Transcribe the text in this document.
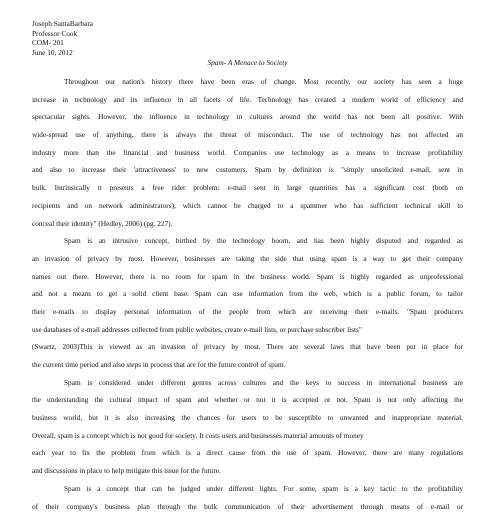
Joseph SantaBarbara
Professor Cook
COM- 201
June 10, 2012
Spam- A Menace to Society
Throughout our nation's history there have been eras of change. Most recently, our society has seen a huge
increase in technology and its influence in all facets of life. Technology has created a modern world of efficiency and
spectacular sights. However, the influence in technology in cultures around the world has not been all positive. With
wide-spread use of anything, there is always the threat of misconduct. The use of technology has not affected an
industry more than the financial and business world. Companies use technology as a means to increase profitability
and also to increase their 'attractiveness' to new customers. Spam by definition is "simply unsolicited e-mail, sent in
bulk. Intrinsically it presents a free rider problem: e-mail sent in large quantities has a significant cost (both on
recipients and on network administrators), which cannot be charged to a spammer who has sufficient technical skill to
conceal their identity" (Hedley, 2006) (pg. 227).
Spam is an intrusive concept, birthed by the technology boom, and has been highly disputed and regarded as
an invasion of privacy by most. However, businesses are taking the side that using spam is a way to get their company
names out there. However, there is no room for spam in the business world. Spam is highly regarded as unprofessional
and not a means to get a solid client base. Spam can use information from the web, which is a public forum, to tailor
their e-mails to display personal information of the people from which are receiving their e-mails. "Spam producers
use databases of e-mail addresses collected from public websites, create e-mail lists, or purchase subscriber lists"
(Swartz, 2003)This is viewed as an invasion of privacy by most. There are several laws that have been put in place for
the current time period and also steps in process that are for the future control of spam.
Spam is considered under different genres across cultures and the keys to success in international business are
the understanding the cultural impact of spam and whether or not it is accepted or not. Spam is not only affecting the
business world, but it is also increasing the chances for users to be susceptible to unwanted and inappropriate material.
Overall, spam is a concept which is not good for society. It costs users and businesses material amounts of money
each year to fix the problem from which is a direct cause from the use of spam. However, there are many regulations
and discussions in place to help mitigate this issue for the future.
Spam is a concept that can be judged under different lights. For some, spam is a key tactic to the profitability
of their company's business plan through the bulk communication of their advertisement through means of e-mail or
